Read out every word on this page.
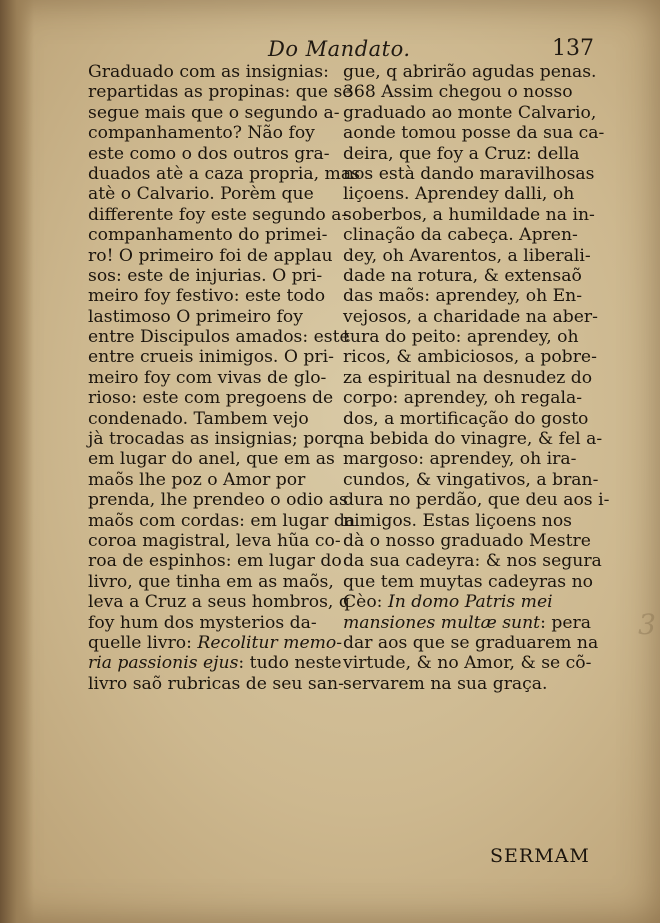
3
Do Mandato.	137
Graduado com as insignias:
repartidas as propinas: que se
segue mais que o segundo a-
companhamento? Não foy
este como o dos outros gra-
duados atè a caza propria, mas
atè o Calvario. Porèm que
differente foy este segundo a-
companhamento do primei-
ro! O primeiro foi de applau
sos: este de injurias. O pri-
meiro foy festivo: este todo
lastimoso O primeiro foy
entre Discipulos amados: este
entre crueis inimigos. O pri-
meiro foy com vivas de glo-
rioso: este com pregoens de
condenado. Tambem vejo
jà trocadas as insignias; porq
em lugar do anel, que em as
maõs lhe poz o Amor por
prenda, lhe prendeo o odio as
maõs com cordas: em lugar da
coroa magistral, leva hũa co-
roa de espinhos: em lugar do
livro, que tinha em as maõs,
leva a Cruz a seus hombros, q
foy hum dos mysterios da-
quelle livro: Recolitur memo-
ria passionis ejus: tudo neste
livro saõ rubricas de seu san-
gue, q abrirão agudas penas.
368 Assim chegou o nosso
graduado ao monte Calvario,
aonde tomou posse da sua ca-
deira, que foy a Cruz: della
nos està dando maravilhosas
liçoens. Aprendey dalli, oh
soberbos, a humildade na in-
clinação da cabeça. Apren-
dey, oh Avarentos, a liberali-
dade na rotura, & extensaõ
das maõs: aprendey, oh En-
vejosos, a charidade na aber-
tura do peito: aprendey, oh
ricos, & ambiciosos, a pobre-
za espiritual na desnudez do
corpo: aprendey, oh regala-
dos, a mortificação do gosto
na bebida do vinagre, & fel a-
margoso: aprendey, oh ira-
cundos, & vingativos, a bran-
dura no perdão, que deu aos i-
nimigos. Estas liçoens nos
dà o nosso graduado Mestre
da sua cadeyra: & nos segura
que tem muytas cadeyras no
Cèo: In domo Patris mei
mansiones multæ sunt: pera
dar aos que se graduarem na
virtude, & no Amor, & se cõ-
servarem na sua graça.
SERMAM
